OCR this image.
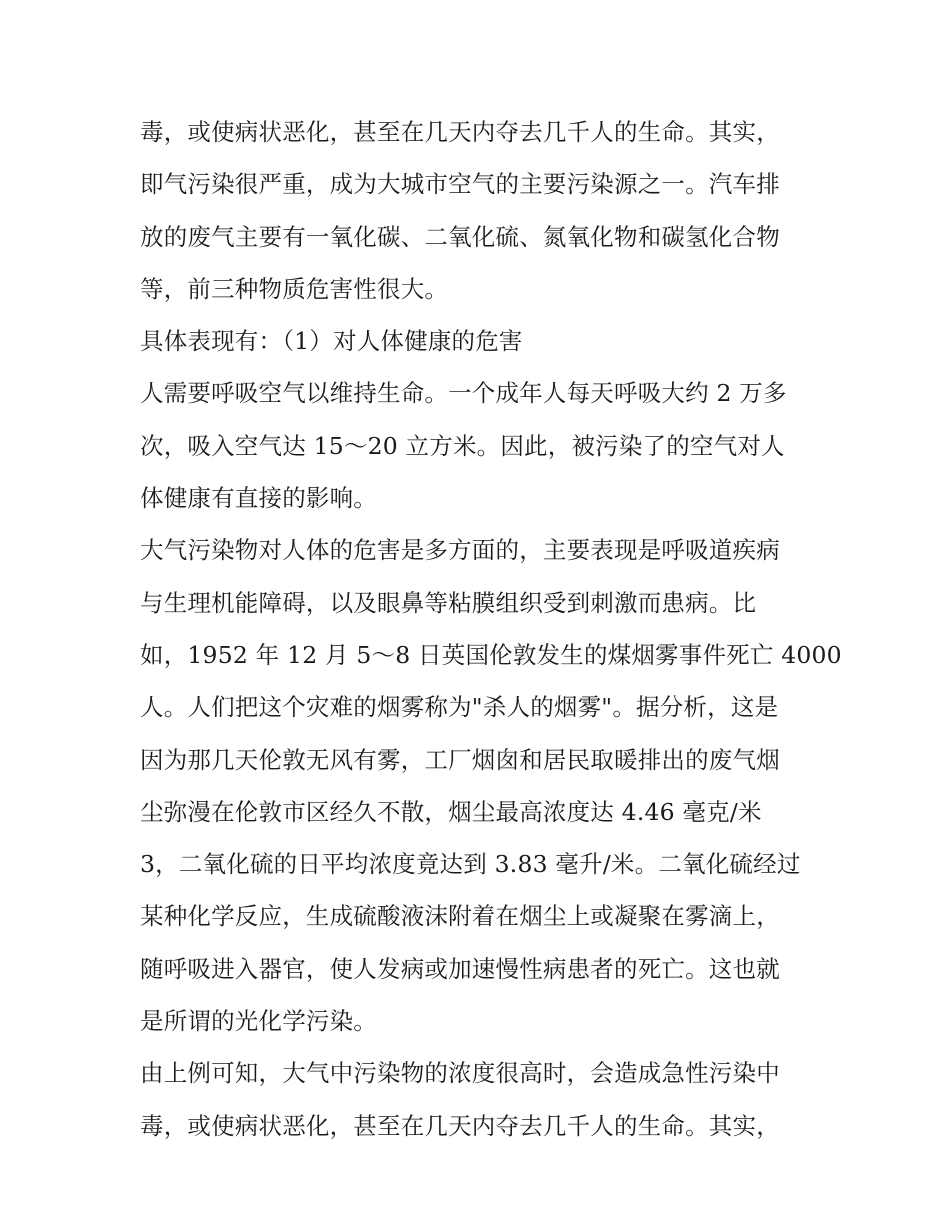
毒，或使病状恶化，甚至在几天内夺去几千人的生命。其实，
即气污染很严重，成为大城市空气的主要污染源之一。汽车排
放的废气主要有一氧化碳、二氧化硫、氮氧化物和碳氢化合物
等，前三种物质危害性很大。
具体表现有：（1）对人体健康的危害
人需要呼吸空气以维持生命。一个成年人每天呼吸大约 2 万多
次，吸入空气达 15～20 立方米。因此，被污染了的空气对人
体健康有直接的影响。
大气污染物对人体的危害是多方面的，主要表现是呼吸道疾病
与生理机能障碍，以及眼鼻等粘膜组织受到刺激而患病。比
如，1952 年 12 月 5～8 日英国伦敦发生的煤烟雾事件死亡 4000
人。人们把这个灾难的烟雾称为"杀人的烟雾"。据分析，这是
因为那几天伦敦无风有雾，工厂烟囱和居民取暖排出的废气烟
尘弥漫在伦敦市区经久不散，烟尘最高浓度达 4.46 毫克/米
3，二氧化硫的日平均浓度竟达到 3.83 毫升/米。二氧化硫经过
某种化学反应，生成硫酸液沫附着在烟尘上或凝聚在雾滴上，
随呼吸进入器官，使人发病或加速慢性病患者的死亡。这也就
是所谓的光化学污染。
由上例可知，大气中污染物的浓度很高时，会造成急性污染中
毒，或使病状恶化，甚至在几天内夺去几千人的生命。其实，
